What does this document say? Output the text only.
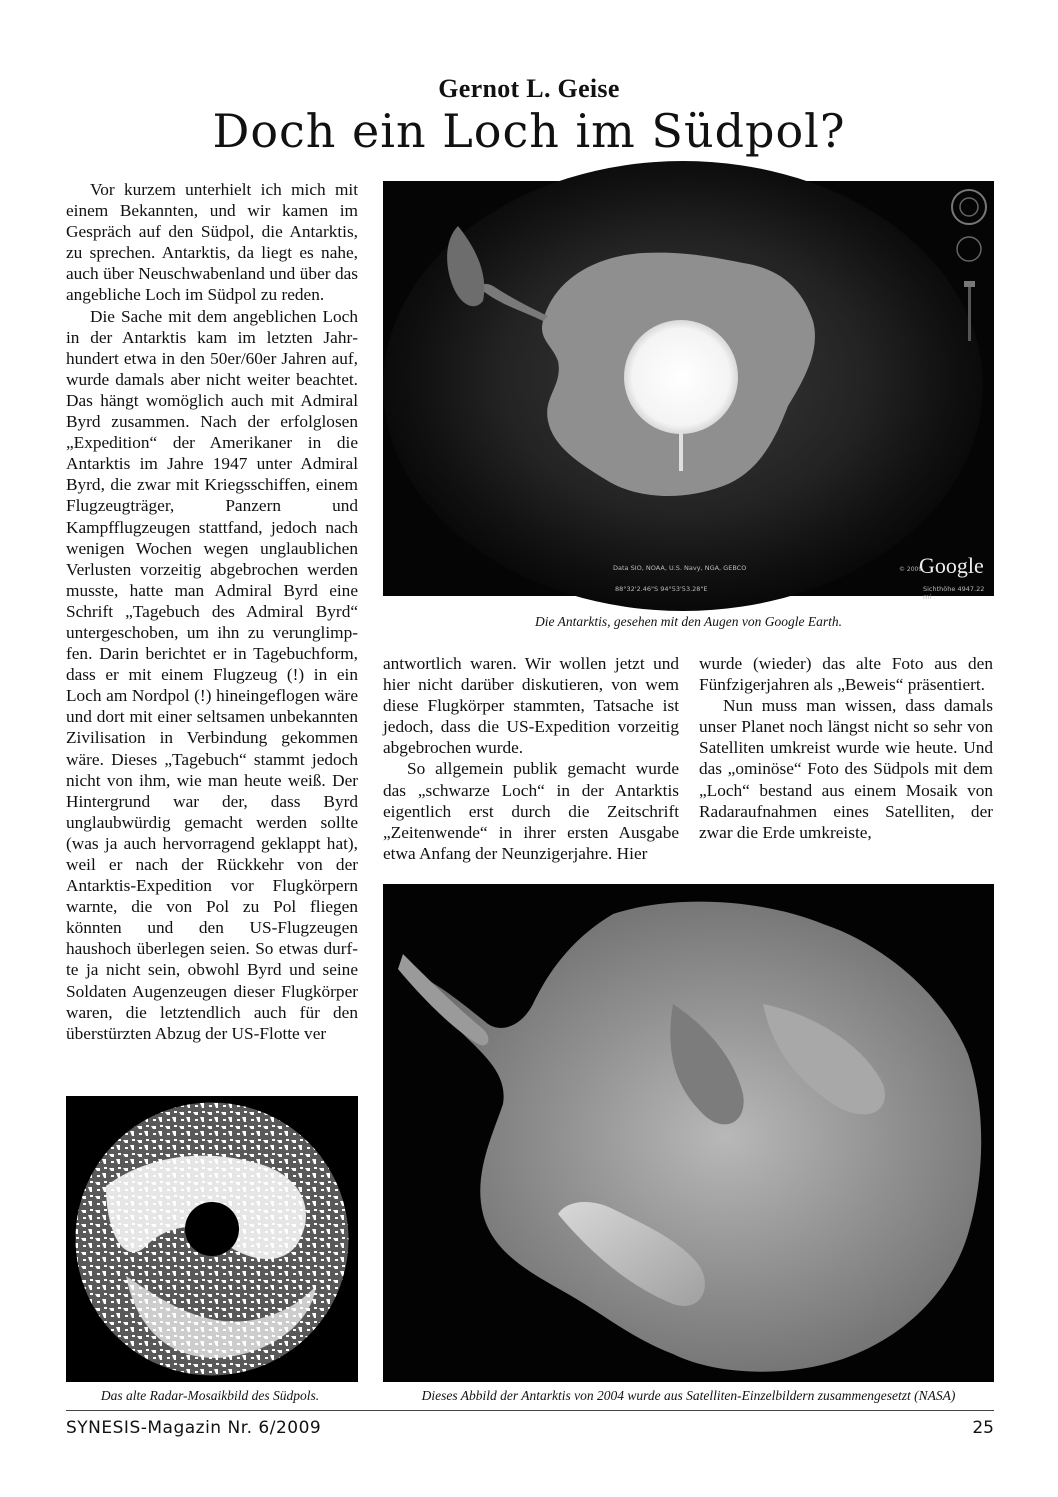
Gernot L. Geise
Doch ein Loch im Südpol?

Vor kurzem unterhielt ich mich mit einem Bekannten, und wir kamen im Gespräch auf den Südpol, die Antarktis, zu sprechen. Antarktis, da liegt es nahe, auch über Neuschwabenland und über das angebliche Loch im Südpol zu reden.

Die Sache mit dem angeblichen Loch in der Antarktis kam im letzten Jahrhundert etwa in den 50er/60er Jahren auf, wurde damals aber nicht weiter beachtet. Das hängt womöglich auch mit Admiral Byrd zusammen. Nach der erfolglosen „Expedition“ der Amerikaner in die Antarktis im Jahre 1947 unter Admiral Byrd, die zwar mit Kriegsschiffen, einem Flugzeugträger, Panzern und Kampfflugzeugen stattfand, jedoch nach wenigen Wochen wegen unglaublichen Verlusten vorzeitig abgebrochen werden musste, hatte man Admiral Byrd eine Schrift „Tagebuch des Admiral Byrd“ untergeschoben, um ihn zu verunglimpfen. Darin berichtet er in Tagebuchform, dass er mit einem Flugzeug (!) in ein Loch am Nordpol (!) hineingeflogen wäre und dort mit einer seltsamen unbekannten Zivilisation in Verbindung gekommen wäre. Dieses „Tagebuch“ stammt jedoch nicht von ihm, wie man heute weiß. Der Hintergrund war der, dass Byrd unglaubwürdig gemacht werden sollte (was ja auch hervorragend geklappt hat), weil er nach der Rückkehr von der Antarktis-Expedition vor Flugkörpern warnte, die von Pol zu Pol fliegen könnten und den US-Flugzeugen haushoch überlegen seien. So etwas durfte ja nicht sein, obwohl Byrd und seine Soldaten Augenzeugen dieser Flugkörper waren, die letztendlich auch für den überstürzten Abzug der US-Flotte ver

Data SIO, NOAA, U.S. Navy, NGA, GEBCO
88°32'2.46"S 94°53'53.28"E
© 2009
Google
Sichthöhe 4947.22 mi
Die Antarktis, gesehen mit den Augen von Google Earth.

antwortlich waren. Wir wollen jetzt und hier nicht darüber diskutieren, von wem diese Flugkörper stammten, Tatsache ist jedoch, dass die US-Expedition vorzeitig abgebrochen wurde.

So allgemein publik gemacht wurde das „schwarze Loch“ in der Antarktis eigentlich erst durch die Zeitschrift „Zeitenwende“ in ihrer ersten Ausgabe etwa Anfang der Neunzigerjahre. Hier

wurde (wieder) das alte Foto aus den Fünfzigerjahren als „Beweis“ präsentiert.

Nun muss man wissen, dass damals unser Planet noch längst nicht so sehr von Satelliten umkreist wurde wie heute. Und das „ominöse“ Foto des Südpols mit dem „Loch“ bestand aus einem Mosaik von Radaraufnahmen eines Satelliten, der zwar die Erde umkreiste,

Das alte Radar-Mosaikbild des Südpols.	Dieses Abbild der Antarktis von 2004 wurde aus Satelliten-Einzelbildern zusammengesetzt (NASA)
SYNESIS-Magazin Nr. 6/2009	25
